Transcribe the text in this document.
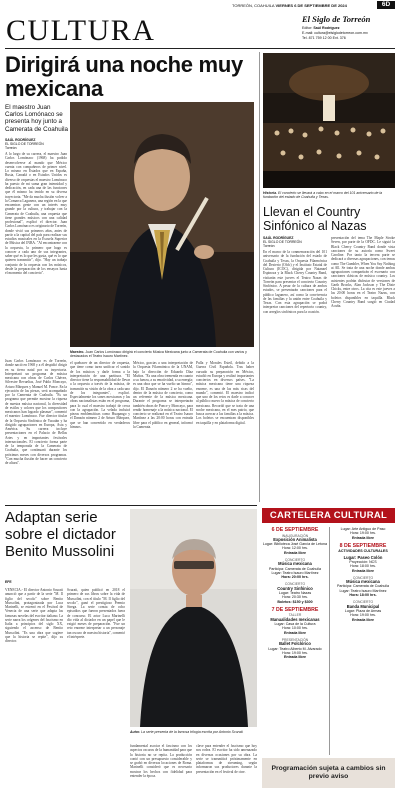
CULTURA
TORREÓN, COAHUILA VIERNES 6 DE SEPTIEMBRE DE 2024	6D
El Siglo de Torreón
Editor: Saúl Rodríguez
E-mail: cultura@elsiglodetorreon.com.mx
Tel. 871 759 12 00 Ext. 376
Dirigirá una noche muy mexicana
El maestro Juan Carlos Lomónaco se presenta hoy junto a Camerata de Coahuila
SAÚL RODRÍGUEZ
EL SIGLO DE TORREÓN
Torreón
A lo largo de su carrera, el maestro Juan Carlos Lomónaco (1968) ha podido desenvolverse al mando que México cuenta con compañeros de primer nivel. Lo mismo en Estados que en España, Rusia, Canadá o en Estados Unidos es diverso de orquestas el maestro Lomónaco ha puesto de mi suma gran intensidad y dedicación, en cada una de las funciones que él mismo ha tenido en su diversa trayectoria. "Me da mucha ilusión volver a la Comarca Lagunera, una región en la que encuentras gente con un interés muy grande por la cultura, y trabajar con la Camerata de Coahuila, una orquesta que tiene grandes músicos con una calidad profesional", explicó el director. Juan Carlos Lomónaco es originario de Torreón, donde vivió sus primeros años, antes de partir a la capital del país para realizar sus estudios musicales en la Escuela Superior de Música del INBA. "Al encontrarme con la orquesta, lo primero que hago es conocer a cada uno de sus integrantes, saber qué es lo que les gusta, qué es lo que quieren transmitir", dijo. "Hay un trabajo conjunto de la orquesta con los músicos, desde la preparación de los ensayos hasta el momento del concierto".
Juan Carlos Lomónaco es de Torreón, donde nació en 1968 y a él despidió dirigir en su tierra natal por su trayectoria. Interpretará un programa de música mexicana con obras de Carlos Chávez, Silvestre Revueltas, José Pablo Moncayo, Arturo Márquez y Manuel M. Ponce. En la ejecución de las piezas, será acompañado por la Camerata de Coahuila. "Es un programa que permite mostrar la riqueza de nuestra música nacional, la diversidad de estilos y colores que los compositores mexicanos han logrado plasmar", comentó el maestro Lomónaco. Fue director titular de la Orquesta Sinfónica de Yucatán y ha dirigido agrupaciones en Europa, Asia y América. Su carrera incluye presentaciones en el Palacio de Bellas Artes y en importantes festivales internacionales. El concierto forma parte de la temporada de la Camerata de Coahuila, que continuará durante los próximos meses con diversos programas. "Con mucha ilusión de hacer un concierto de altura".
Maestro. Juan Carlos Lomónaco dirigirá el concierto Música Mexicana junto a Camerata de Coahuila con varios y destacados el Teatro Isauro Martínez.
el quehacer de un director de orquesta, que tiene como tarea unificar el sonido de los músicos y darle forma a la interpretación de una partitura. "El director tiene la responsabilidad de llevar a la orquesta a través de la música, de transmitir su visión de la obra a cada uno de los integrantes", explicó. Especialmente los sones mexicanos y las obras nacionalistas están en el programa, para lo cual el maestro trabajó de cerca con la agrupación. La velada incluirá piezas emblemáticas como Huapango y el Danzón número 2 de Arturo Márquez, que se han convertido en verdaderos himnos.
México, gracias a una interpretación de la Orquesta Filarmónica de la UNAM, bajo la dirección de Eduardo Díaz Muñoz. "Es una obra tremenda en cuanto a su fuerza, a su emotividad, a su energía; es una obra que se ha vuelto un himno", dijo. El Danzón número 2 se ha vuelto, dentro de la música de concierto, como un referente de la música mexicana. Durante el programa se interpretarán también obras de Ponce y Moncayo, para rendir homenaje a la música nacional. El concierto se realizará en el Teatro Isauro Martínez a las 20:00 horas con entrada libre para el público en general, informó la Camerata.
Pulla y Morales Esteil, debido a la Guerra Civil Española. Tras haber cursado su preparación en México, estudió en Europa y realizó importantes conciertos en diversos países. "La música mexicana tiene una riqueza enorme, es una de las más ricas del mundo", comentó. El maestro indicó que uno de los retos es darle a conocer al público nuevo la música de concierto mexicana. Recordó que se trata de una noche mexicana, en el mes patrio, que busca acercar a las familias a la música. Los boletos se encuentran disponibles en taquilla y en plataforma digital.
Historia. El concierto se llevará a cabo en el marco del 101 aniversario de la fundación del estado de Coahuila y Texas.
Llevan el Country Sinfónico al Nazas
SAÚL RODRÍGUEZ
EL SIGLO DE TORREÓN
Torreón
En el marco de la conmemoración del 101 aniversario de la fundación del estado de Coahuila y Texas, la Orquesta Filarmónica del Desierto (Ofdc) y el Instituto Estatal de Cultura (ICOC), dirigida por Natanael Espinoza y la Black Cherry Country Band, visitarán este jueves el Teatro Nazas de Torreón para presentar el concierto Country Sinfónico. A pesar de la cultura de ambos estados, se presentarán canciones para el público lagunero, así como la convivencia de las familias y la unión entre Coahuila y Texas. Con esta agrupación se podrá interpretar canciones del repertorio country, con arreglos sinfónicos para la ocasión.
presentación del tema The Maple Stroke Seven, por parte de la OFDC. Le siguió la Black Cherry Country Band donde vista canciones de su autoría como Sweet Caroline. Por tanto la tercera parte se dedicará a diversas agrupaciones, con temas como The Gambler, When You Say Nothing at All. Se trata de una noche donde ambas agrupaciones compartirán el escenario con canciones clásicas de música country. Los asistentes podrán disfrutar de versiones de Garth Brooks, Alan Jackson y The Dixie Chicks, entre otros. La cita es este jueves a las 20:00 horas en el Teatro Nazas, con boletos disponibles en taquilla. Black Cherry Country Band surgió en Ciudad Acuña.
Adaptan serie sobre el dictador Benito Mussolini
EFE
VENECIA.- El director Antonio Scurati anunció que a partir de la serie "M. Il figlio del secolo" sobre Benito Mussolini, protagonizada por Luca Marinelli, se estrenó en el Festival de Venecia de una serie que adapta las famosas novelas del escritor italiano. La serie narra los orígenes del fascismo en Italia a principios del siglo XX, siguiendo el ascenso de Benito Mussolini. "Es una obra que sugiere que la historia se repite", dijo su director.
Scurati, quien publicó en 2018 el primero de sus libros sobre la vida de Mussolini, con el título "M. Il figlio del secolo", ganó el prestigioso Premio Strega. La serie consta de ocho episodios que fueron presentados fuera de concurso. El actor Luca Marinelli dio vida al dictador en un papel que le exigió meses de preparación. "Fue un reto enorme interpretar a un personaje tan oscuro de nuestra historia", comentó el intérprete.
Autor. La serie presenta de la famosa trilogía escrita por Antonio Scurati.
fundamental asociar el fascismo con los aspectos oscuros de la humanidad para que la historia no se repita. La producción contó con un presupuesto considerable y se grabó en diversas locaciones de Roma. Marinelli consideró que es necesario mostrar los hechos con fidelidad para entender la época.
clave para entender el fascismo que hoy nos rodea. El escritor ha sido amenazado en diversas ocasiones por su obra. La serie se transmitirá próximamente en plataformas de streaming, según informaron sus productores durante la presentación en el festival de cine.
CARTELERA CULTURAL
6 DE SEPTIEMBRE
INAUGURACIÓN
Exposición Animalista
Lugar: Biblioteca José García de Letona
Hora: 12:00 hrs.
Entrada libre
CONCIERTO
Música mexicana
Participa: Camerata de Coahuila
Lugar: Teatro Isauro Martínez
Hora: 20:00 hrs.
CONCIERTO
Country Sinfónico
Lugar: Teatro Nazas
Hora: 20:30 hrs.
Boletos: $150 y $300
7 DE SEPTIEMBRE
TALLER
Manualidades mexicanas
Lugar: Casa de la Cultura
Hora: 10:00 hrs.
Entrada libre
PRESENTACIÓN
Ballet Folclórico
Lugar: Teatro Alberto M. Alvarado
Hora: 19:00 hrs.
Entrada libre
Lugar: Arte Antiguo de Paso
Hora: 19:00 hrs.
Entrada libre
8 DE SEPTIEMBRE
ACTIVIDADES CULTURALES
Lugar: Paseo Colón
Proyección: NCS
Hora: 18:00 hrs.
Entrada libre
CONCIERTO
Música mexicana
Participa: Camerata de Coahuila
Lugar: Teatro Isauro Martínez
Hora: 18:00 hrs.
CONCIERTO
Banda Municipal
Lugar: Plaza de Armas
Hora: 19:00 hrs.
Entrada libre
Programación sujeta a cambios sin previo aviso
